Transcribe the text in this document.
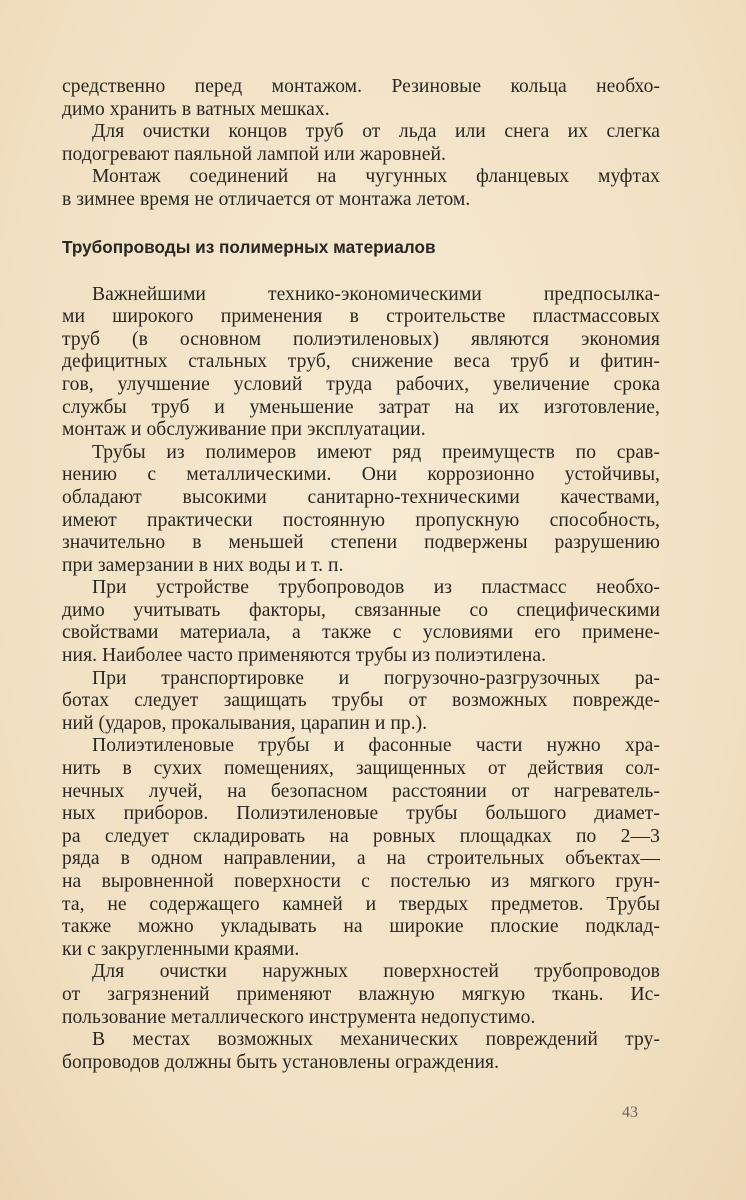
средственно перед монтажом. Резиновые кольца необхо-
димо хранить в ватных мешках.
Для очистки концов труб от льда или снега их слегка
подогревают паяльной лампой или жаровней.
Монтаж соединений на чугунных фланцевых муфтах
в зимнее время не отличается от монтажа летом.
Трубопроводы из полимерных материалов
Важнейшими технико-экономическими предпосылка-
ми широкого применения в строительстве пластмассовых
труб (в основном полиэтиленовых) являются экономия
дефицитных стальных труб, снижение веса труб и фитин-
гов, улучшение условий труда рабочих, увеличение срока
службы труб и уменьшение затрат на их изготовление,
монтаж и обслуживание при эксплуатации.
Трубы из полимеров имеют ряд преимуществ по срав-
нению с металлическими. Они коррозионно устойчивы,
обладают высокими санитарно-техническими качествами,
имеют практически постоянную пропускную способность,
значительно в меньшей степени подвержены разрушению
при замерзании в них воды и т. п.
При устройстве трубопроводов из пластмасс необхо-
димо учитывать факторы, связанные со специфическими
свойствами материала, а также с условиями его примене-
ния. Наиболее часто применяются трубы из полиэтилена.
При транспортировке и погрузочно-разгрузочных ра-
ботах следует защищать трубы от возможных поврежде-
ний (ударов, прокалывания, царапин и пр.).
Полиэтиленовые трубы и фасонные части нужно хра-
нить в сухих помещениях, защищенных от действия сол-
нечных лучей, на безопасном расстоянии от нагреватель-
ных приборов. Полиэтиленовые трубы большого диамет-
ра следует складировать на ровных площадках по 2—3
ряда в одном направлении, а на строительных объектах—
на выровненной поверхности с постелью из мягкого грун-
та, не содержащего камней и твердых предметов. Трубы
также можно укладывать на широкие плоские подклад-
ки с закругленными краями.
Для очистки наружных поверхностей трубопроводов
от загрязнений применяют влажную мягкую ткань. Ис-
пользование металлического инструмента недопустимо.
В местах возможных механических повреждений тру-
бопроводов должны быть установлены ограждения.
43
